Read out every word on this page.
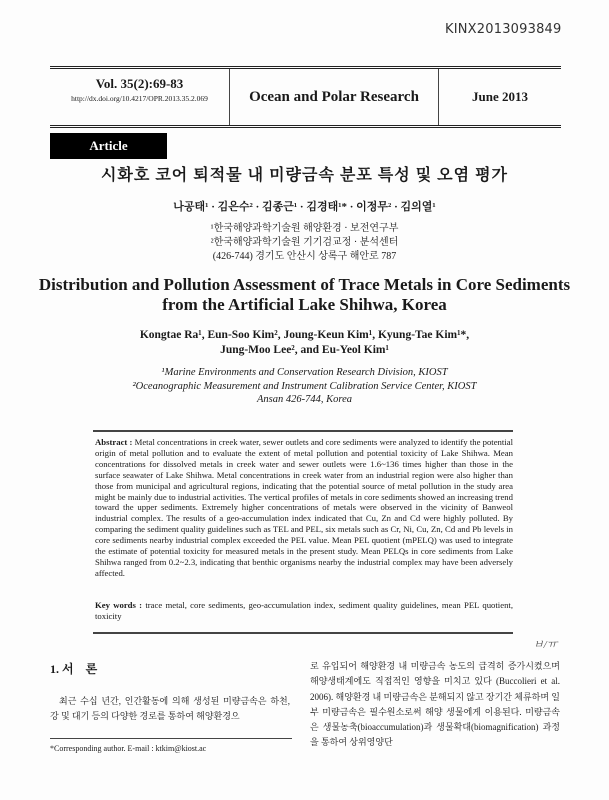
KINX2013093849
Vol. 35(2):69-83
http://dx.doi.org/10.4217/OPR.2013.35.2.069	Ocean and Polar Research	June 2013
Article
시화호 코어 퇴적물 내 미량금속 분포 특성 및 오염 평가
나공태¹ · 김은수² · 김종근¹ · 김경태¹* · 이정무² · 김의열¹
¹한국해양과학기술원 해양환경 · 보전연구부
²한국해양과학기술원 기기검교정 · 분석센터
(426-744) 경기도 안산시 상록구 해안로 787
Distribution and Pollution Assessment of Trace Metals in Core Sediments
from the Artificial Lake Shihwa, Korea
Kongtae Ra¹, Eun-Soo Kim², Joung-Keun Kim¹, Kyung-Tae Kim¹*,
Jung-Moo Lee², and Eu-Yeol Kim¹
¹Marine Environments and Conservation Research Division, KIOST
²Oceanographic Measurement and Instrument Calibration Service Center, KIOST
Ansan 426-744, Korea
Abstract : Metal concentrations in creek water, sewer outlets and core sediments were analyzed to identify the potential origin of metal pollution and to evaluate the extent of metal pollution and potential toxicity of Lake Shihwa. Mean concentrations for dissolved metals in creek water and sewer outlets were 1.6~136 times higher than those in the surface seawater of Lake Shihwa. Metal concentrations in creek water from an industrial region were also higher than those from municipal and agricultural regions, indicating that the potential source of metal pollution in the study area might be mainly due to industrial activities. The vertical profiles of metals in core sediments showed an increasing trend toward the upper sediments. Extremely higher concentrations of metals were observed in the vicinity of Banweol industrial complex. The results of a geo-accumulation index indicated that Cu, Zn and Cd were highly polluted. By comparing the sediment quality guidelines such as TEL and PEL, six metals such as Cr, Ni, Cu, Zn, Cd and Pb levels in core sediments nearby industrial complex exceeded the PEL value. Mean PEL quotient (mPELQ) was used to integrate the estimate of potential toxicity for measured metals in the present study. Mean PELQs in core sediments from Lake Shihwa ranged from 0.2~2.3, indicating that benthic organisms nearby the industrial complex may have been adversely affected.
Key words : trace metal, core sediments, geo-accumulation index, sediment quality guidelines, mean PEL quotient, toxicity
ㅂ/ㅠ
1. 서　론
최근 수십 년간, 인간활동에 의해 생성된 미량금속은 하천, 강 및 대기 등의 다양한 경로를 통하여 해양환경으
*Corresponding author. E-mail : ktkim@kiost.ac
로 유입되어 해양환경 내 미량금속 농도의 급격히 증가시켰으며 해양생태계에도 직접적인 영향을 미치고 있다 (Buccolieri et al. 2006). 해양환경 내 미량금속은 분해되지 않고 장기간 체류하며 일부 미량금속은 필수원소로써 해양 생물에게 이용된다. 미량금속은 생물농축(bioaccumulation)과 생물확대(biomagnification) 과정을 통하여 상위영양단
